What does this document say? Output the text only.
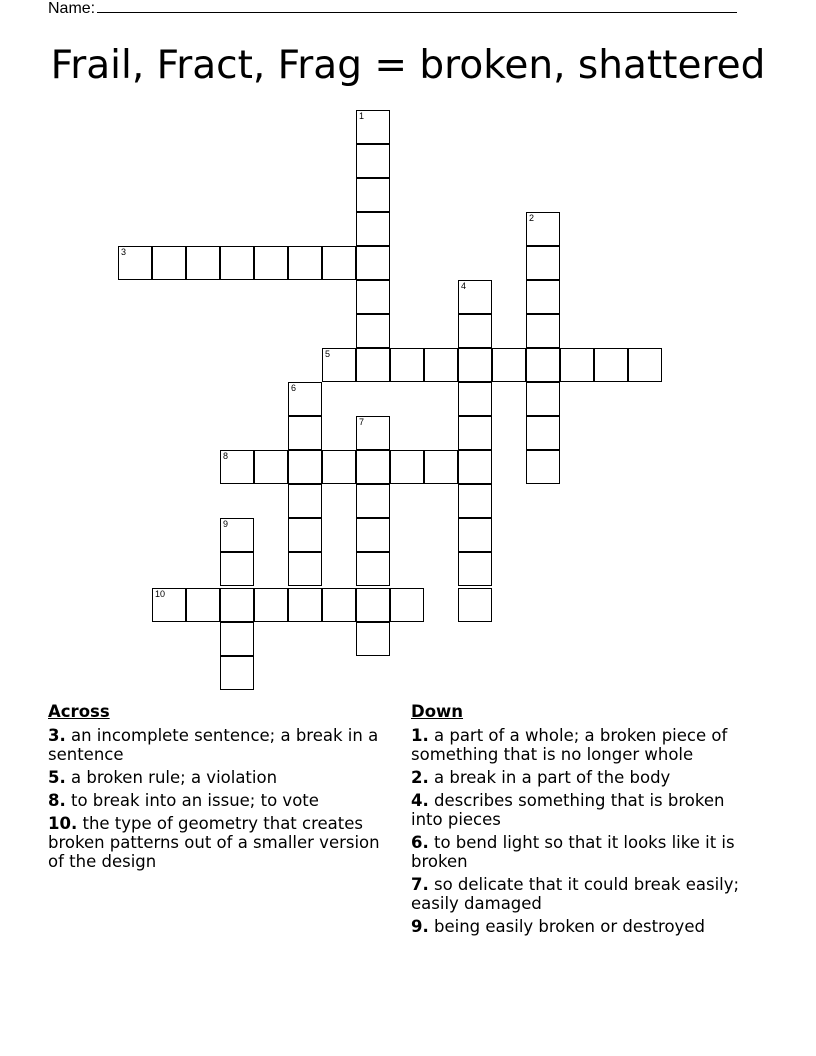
Name:
Frail, Fract, Frag = broken, shattered
1
2
3
4
5
6
7
8
9
10
Across
3. an incomplete sentence; a break in a sentence
5. a broken rule; a violation
8. to break into an issue; to vote
10. the type of geometry that creates broken patterns out of a smaller version of the design
Down
1. a part of a whole; a broken piece of something that is no longer whole
2. a break in a part of the body
4. describes something that is broken into pieces
6. to bend light so that it looks like it is broken
7. so delicate that it could break easily; easily damaged
9. being easily broken or destroyed
